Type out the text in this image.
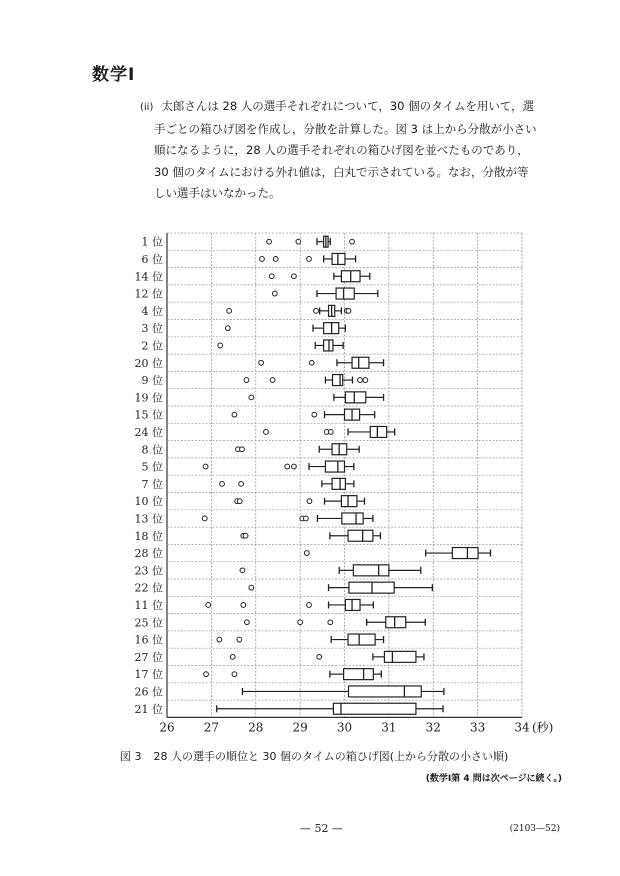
数学Ⅰ
(ii) 太郎さんは 28 人の選手それぞれについて，30 個のタイムを用いて，選
手ごとの箱ひげ図を作成し，分散を計算した。図 3 は上から分散が小さい
順になるように，28 人の選手それぞれの箱ひげ図を並べたものであり，
30 個のタイムにおける外れ値は，白丸で示されている。なお，分散が等
しい選手はいなかった。
1 位
6 位
14 位
12 位
4 位
3 位
2 位
20 位
9 位
19 位
15 位
24 位
8 位
5 位
7 位
10 位
13 位
18 位
28 位
23 位
22 位
11 位
25 位
16 位
27 位
17 位
26 位
21 位
26 27 28 29 30 31 32 33 34 (秒)
図 3 28 人の選手の順位と 30 個のタイムの箱ひげ図(上から分散の小さい順)
(数学Ⅰ第 4 問は次ページに続く。)
— 52 —	(2103—52)
